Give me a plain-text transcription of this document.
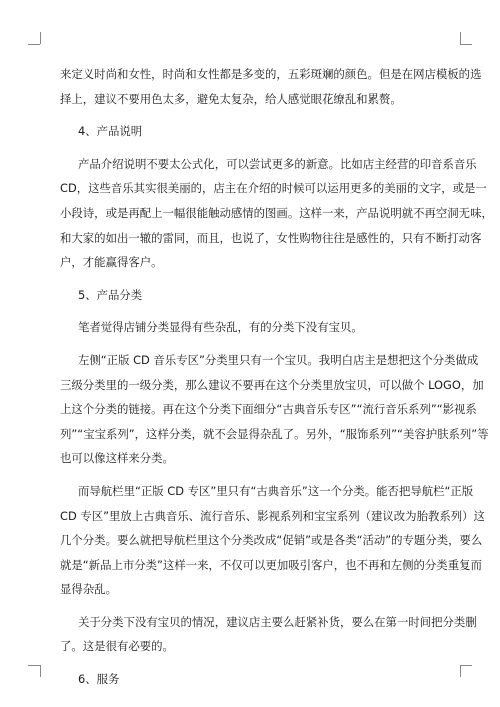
来定义时尚和女性，时尚和女性都是多变的，五彩斑斓的颜色。但是在网店模板的选
择上，建议不要用色太多，避免太复杂，给人感觉眼花缭乱和累赘。
4、产品说明
产品介绍说明不要太公式化，可以尝试更多的新意。比如店主经营的印音系音乐
CD，这些音乐其实很美丽的，店主在介绍的时候可以运用更多的美丽的文字，或是一
小段诗，或是再配上一幅很能触动感情的图画。这样一来，产品说明就不再空洞无味，
和大家的如出一辙的雷同，而且，也说了，女性购物往往是感性的，只有不断打动客
户，才能赢得客户。
5、产品分类
笔者觉得店铺分类显得有些杂乱，有的分类下没有宝贝。
左侧“正版 CD 音乐专区”分类里只有一个宝贝。我明白店主是想把这个分类做成
三级分类里的一级分类，那么建议不要再在这个分类里放宝贝，可以做个 LOGO，加
上这个分类的链接。再在这个分类下面细分“古典音乐专区”“流行音乐系列”“影视系
列”“宝宝系列”，这样分类，就不会显得杂乱了。另外，“服饰系列”“美容护肤系列”等
也可以像这样来分类。
而导航栏里“正版 CD 专区”里只有“古典音乐”这一个分类。能否把导航栏“正版
CD 专区”里放上古典音乐、流行音乐、影视系列和宝宝系列（建议改为胎教系列）这
几个分类。要么就把导航栏里这个分类改成“促销”或是各类“活动”的专题分类，要么
就是“新品上市分类”这样一来，不仅可以更加吸引客户，也不再和左侧的分类重复而
显得杂乱。
关于分类下没有宝贝的情况，建议店主要么赶紧补货，要么在第一时间把分类删
了。这是很有必要的。
6、服务
